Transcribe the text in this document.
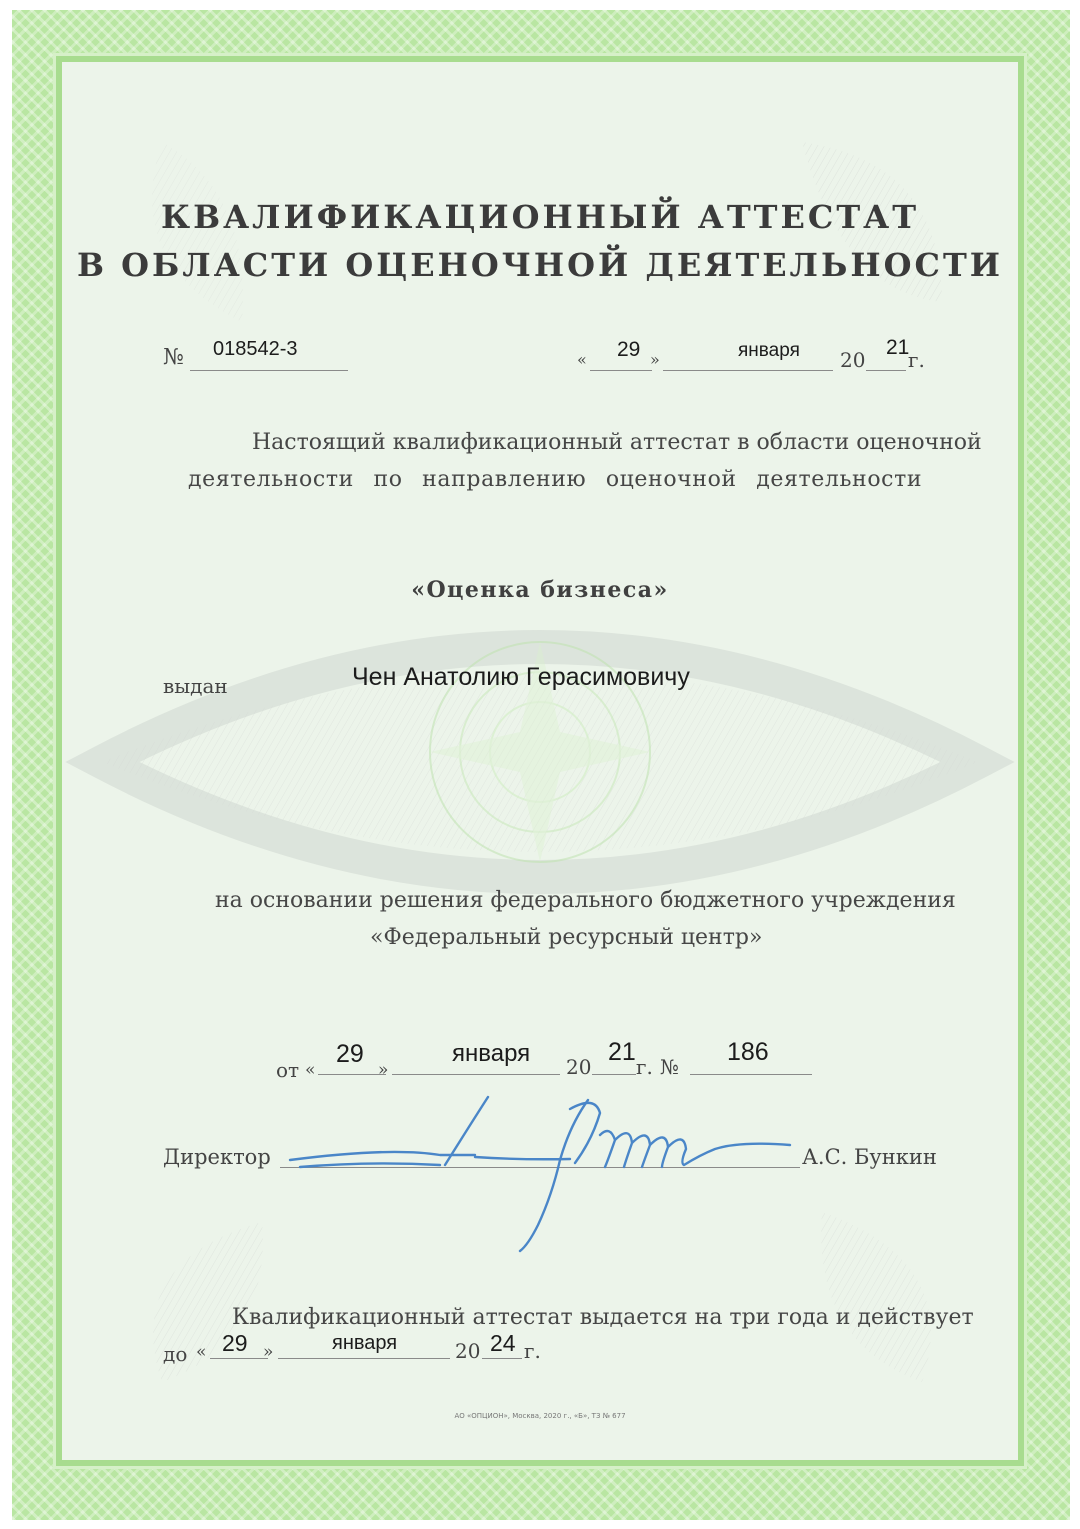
КВАЛИФИКАЦИОННЫЙ АТТЕСТАТ
В ОБЛАСТИ ОЦЕНОЧНОЙ ДЕЯТЕЛЬНОСТИ
№ 018542-3	« 29 »	января 20
21
г.
Настоящий квалификационный аттестат в области оценочной
деятельности по направлению оценочной деятельности
«Оценка бизнеса»
выдан	Чен Анатолию Герасимовичу
на основании решения федерального бюджетного учреждения
«Федеральный ресурсный центр»
от «
29
»
января 20
21
г. №
186
Директор	А.С. Бункин
Квалификационный аттестат выдается на три года и действует
до « 29 »	января	20 24 г.
АО «ОПЦИОН», Москва, 2020 г., «Б», ТЗ № 677
